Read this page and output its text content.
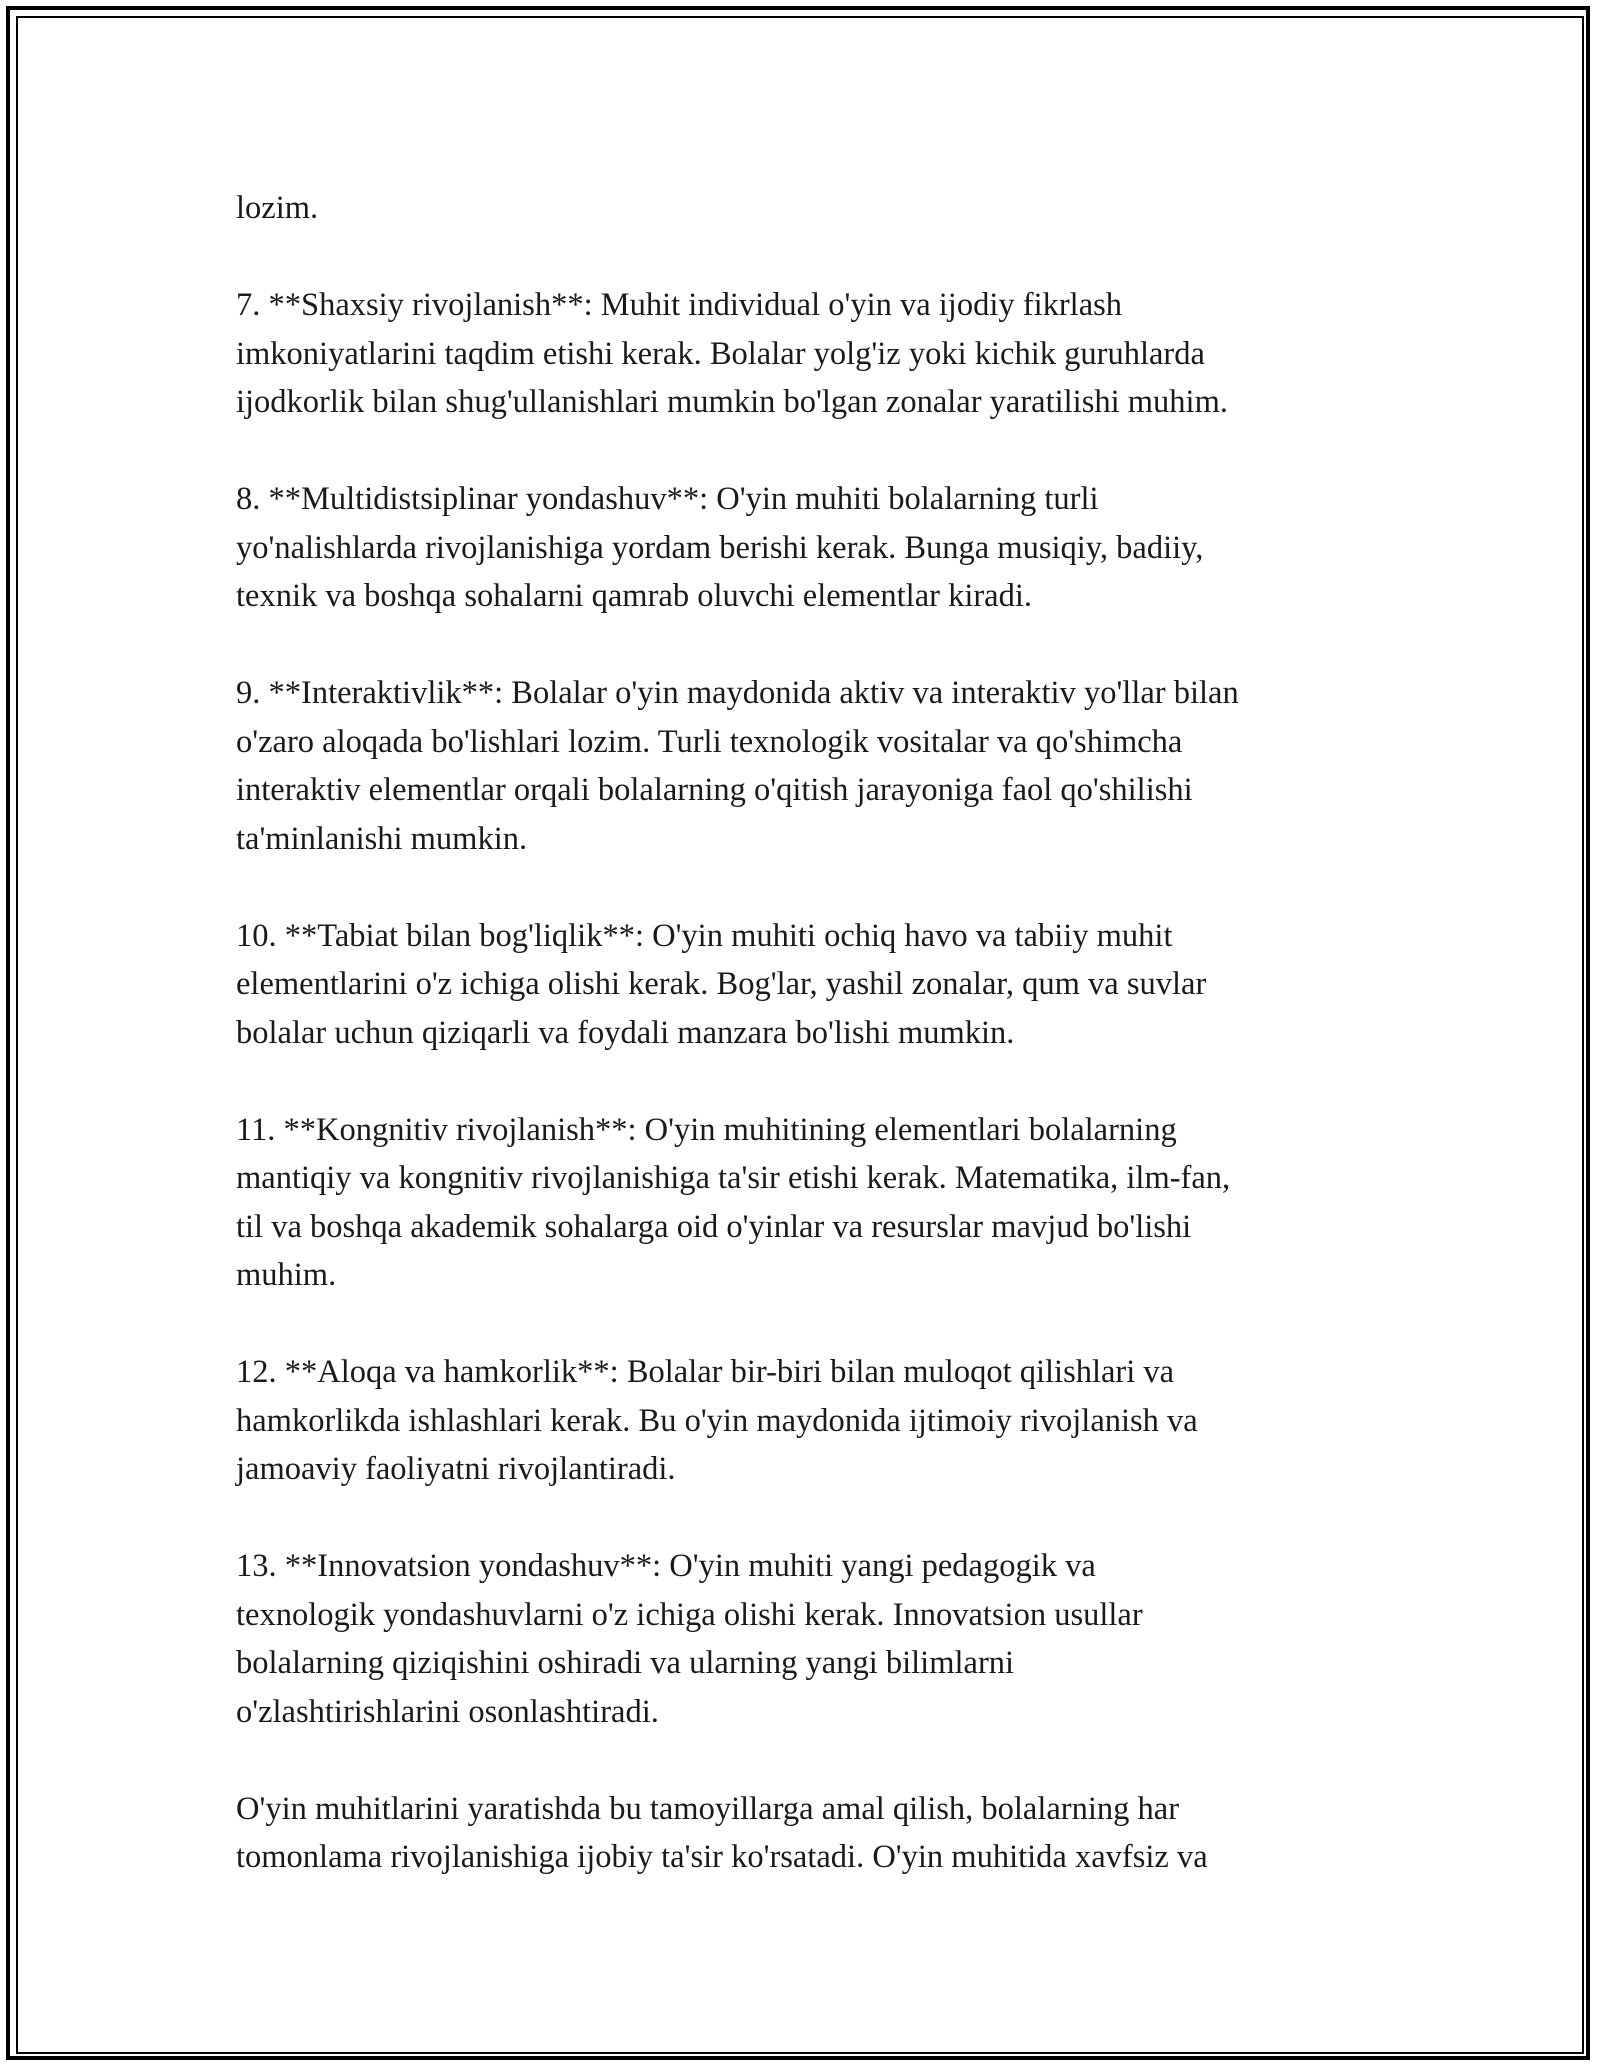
lozim.

7. **Shaxsiy rivojlanish**: Muhit individual o'yin va ijodiy fikrlash
imkoniyatlarini taqdim etishi kerak. Bolalar yolg'iz yoki kichik guruhlarda
ijodkorlik bilan shug'ullanishlari mumkin bo'lgan zonalar yaratilishi muhim.

8. **Multidistsiplinar yondashuv**: O'yin muhiti bolalarning turli
yo'nalishlarda rivojlanishiga yordam berishi kerak. Bunga musiqiy, badiiy,
texnik va boshqa sohalarni qamrab oluvchi elementlar kiradi.

9. **Interaktivlik**: Bolalar o'yin maydonida aktiv va interaktiv yo'llar bilan
o'zaro aloqada bo'lishlari lozim. Turli texnologik vositalar va qo'shimcha
interaktiv elementlar orqali bolalarning o'qitish jarayoniga faol qo'shilishi
ta'minlanishi mumkin.

10. **Tabiat bilan bog'liqlik**: O'yin muhiti ochiq havo va tabiiy muhit
elementlarini o'z ichiga olishi kerak. Bog'lar, yashil zonalar, qum va suvlar
bolalar uchun qiziqarli va foydali manzara bo'lishi mumkin.

11. **Kongnitiv rivojlanish**: O'yin muhitining elementlari bolalarning
mantiqiy va kongnitiv rivojlanishiga ta'sir etishi kerak. Matematika, ilm-fan,
til va boshqa akademik sohalarga oid o'yinlar va resurslar mavjud bo'lishi
muhim.

12. **Aloqa va hamkorlik**: Bolalar bir-biri bilan muloqot qilishlari va
hamkorlikda ishlashlari kerak. Bu o'yin maydonida ijtimoiy rivojlanish va
jamoaviy faoliyatni rivojlantiradi.

13. **Innovatsion yondashuv**: O'yin muhiti yangi pedagogik va
texnologik yondashuvlarni o'z ichiga olishi kerak. Innovatsion usullar
bolalarning qiziqishini oshiradi va ularning yangi bilimlarni
o'zlashtirishlarini osonlashtiradi.

O'yin muhitlarini yaratishda bu tamoyillarga amal qilish, bolalarning har
tomonlama rivojlanishiga ijobiy ta'sir ko'rsatadi. O'yin muhitida xavfsiz va
